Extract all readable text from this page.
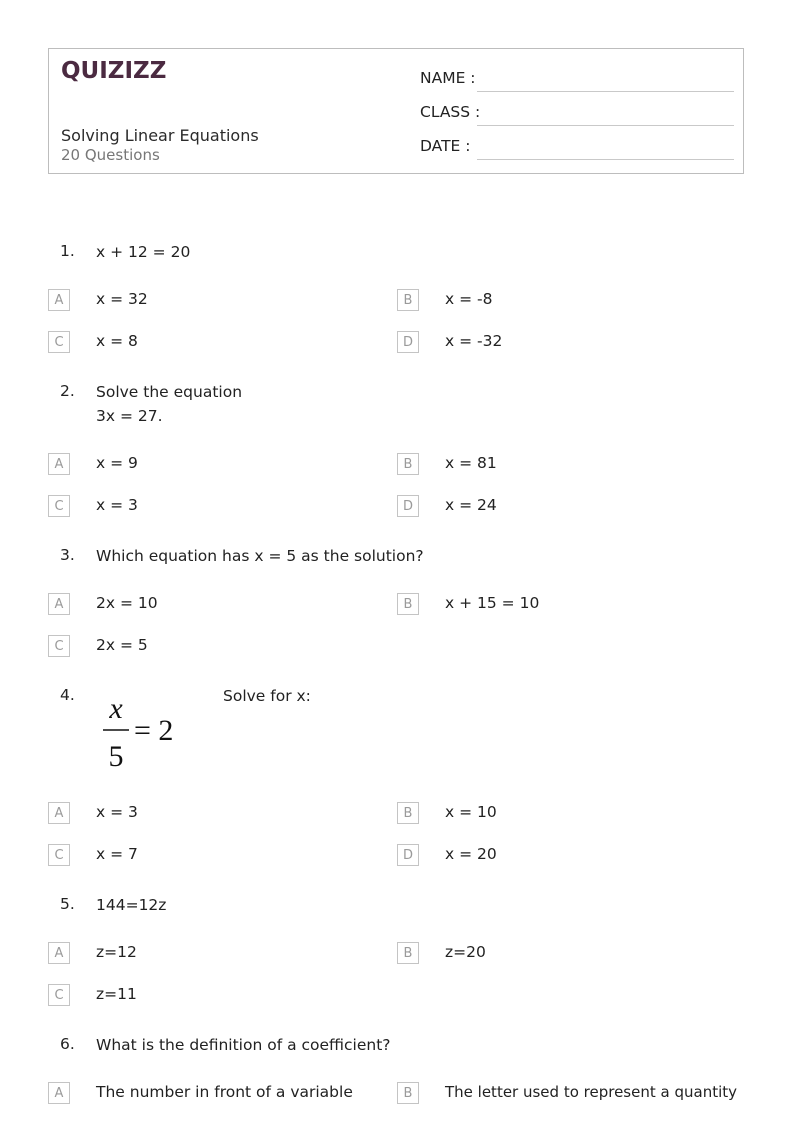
QUIZIZZ
Solving Linear Equations
20 Questions
NAME :
CLASS :
DATE :
1. x + 12 = 20
A	x = 32	B	x = -8
C	x = 8	D	x = -32
2. Solve the equation
3x = 27.
A	x = 9	B	x = 81
C	x = 3	D	x = 24
3. Which equation has x = 5 as the solution?
A	2x = 10	B	x + 15 = 10
C	2x = 5
4. x
5
= 2
Solve for x:
A	x = 3	B	x = 10
C	x = 7	D	x = 20
5. 144=12z
A	z=12	B	z=20
C	z=11
6. What is the definition of a coefficient?
A	The number in front of a variable	B	The letter used to represent a quantity
